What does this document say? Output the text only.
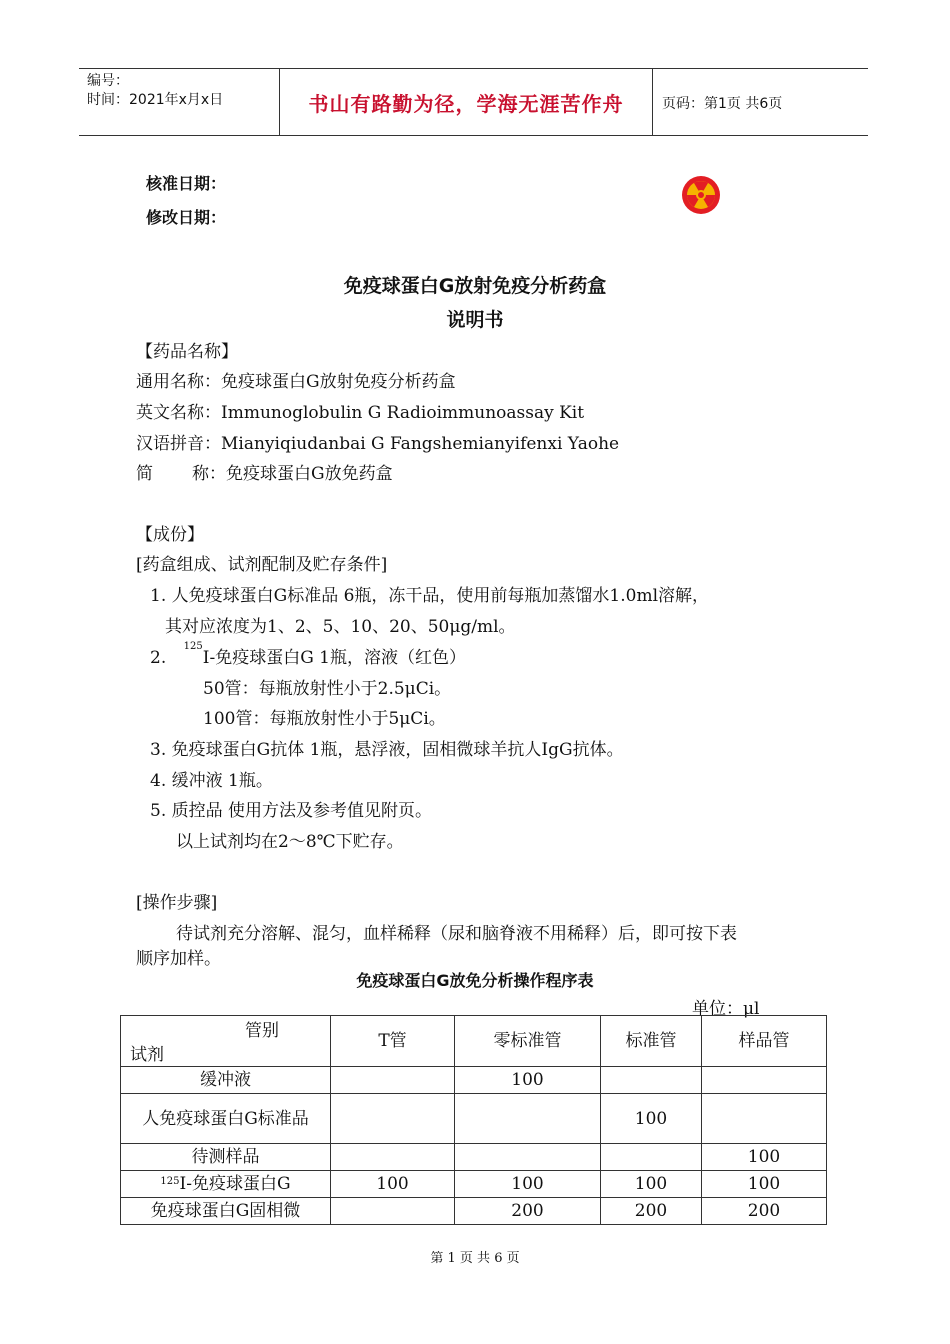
编号：
时间：2021年x月x日	书山有路勤为径，学海无涯苦作舟	页码：第1页 共6页
核准日期：
修改日期：
免疫球蛋白G放射免疫分析药盒
说明书
【药品名称】
通用名称：免疫球蛋白G放射免疫分析药盒
英文名称：Immunoglobulin G Radioimmunoassay Kit
汉语拼音：Mianyiqiudanbai G Fangshemianyifenxi Yaohe
简 称：免疫球蛋白G放免药盒
【成份】
[药盒组成、试剂配制及贮存条件]
1. 人免疫球蛋白G标准品 6瓶，冻干品，使用前每瓶加蒸馏水1.0ml溶解，
其对应浓度为1、2、5、10、20、50μg/ml。
2. $^{125}$I-免疫球蛋白G 1瓶，溶液（红色）
50管：每瓶放射性小于2.5μCi。
100管：每瓶放射性小于5μCi。
3. 免疫球蛋白G抗体 1瓶，悬浮液，固相微球羊抗人IgG抗体。
4. 缓冲液 1瓶。
5. 质控品 使用方法及参考值见附页。
以上试剂均在2～8℃下贮存。
[操作步骤]
待试剂充分溶解、混匀，血样稀释（尿和脑脊液不用稀释）后，即可按下表
顺序加样。
免疫球蛋白G放免分析操作程序表
单位：μl
管别
试剂	T管	零标准管	标准管	样品管
缓冲液		100		
人免疫球蛋白G标准品			100	
待测样品				100
$^{125}$I-免疫球蛋白G	100	100	100	100
免疫球蛋白G固相微		200	200	200
第 1 页 共 6 页
